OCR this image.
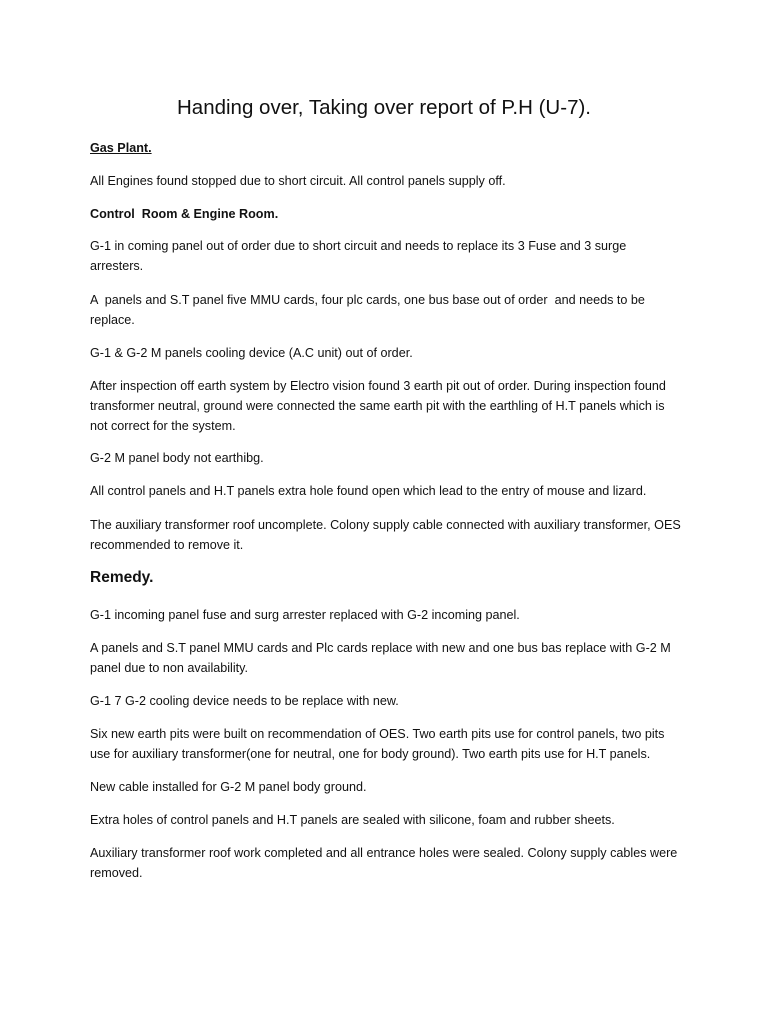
Handing over, Taking over report of P.H (U-7).

Gas Plant.

All Engines found stopped due to short circuit. All control panels supply off.

Control  Room & Engine Room.

G-1 in coming panel out of order due to short circuit and needs to replace its 3 Fuse and 3 surge arresters.

A  panels and S.T panel five MMU cards, four plc cards, one bus base out of order  and needs to be replace.

G-1 & G-2 M panels cooling device (A.C unit) out of order.

After inspection off earth system by Electro vision found 3 earth pit out of order. During inspection found transformer neutral, ground were connected the same earth pit with the earthling of H.T panels which is not correct for the system.

G-2 M panel body not earthibg.

All control panels and H.T panels extra hole found open which lead to the entry of mouse and lizard.

The auxiliary transformer roof uncomplete. Colony supply cable connected with auxiliary transformer, OES recommended to remove it.

Remedy.

G-1 incoming panel fuse and surg arrester replaced with G-2 incoming panel.

A panels and S.T panel MMU cards and Plc cards replace with new and one bus bas replace with G-2 M panel due to non availability.

G-1 7 G-2 cooling device needs to be replace with new.

Six new earth pits were built on recommendation of OES. Two earth pits use for control panels, two pits use for auxiliary transformer(one for neutral, one for body ground). Two earth pits use for H.T panels.

New cable installed for G-2 M panel body ground.

Extra holes of control panels and H.T panels are sealed with silicone, foam and rubber sheets.

Auxiliary transformer roof work completed and all entrance holes were sealed. Colony supply cables were removed.
